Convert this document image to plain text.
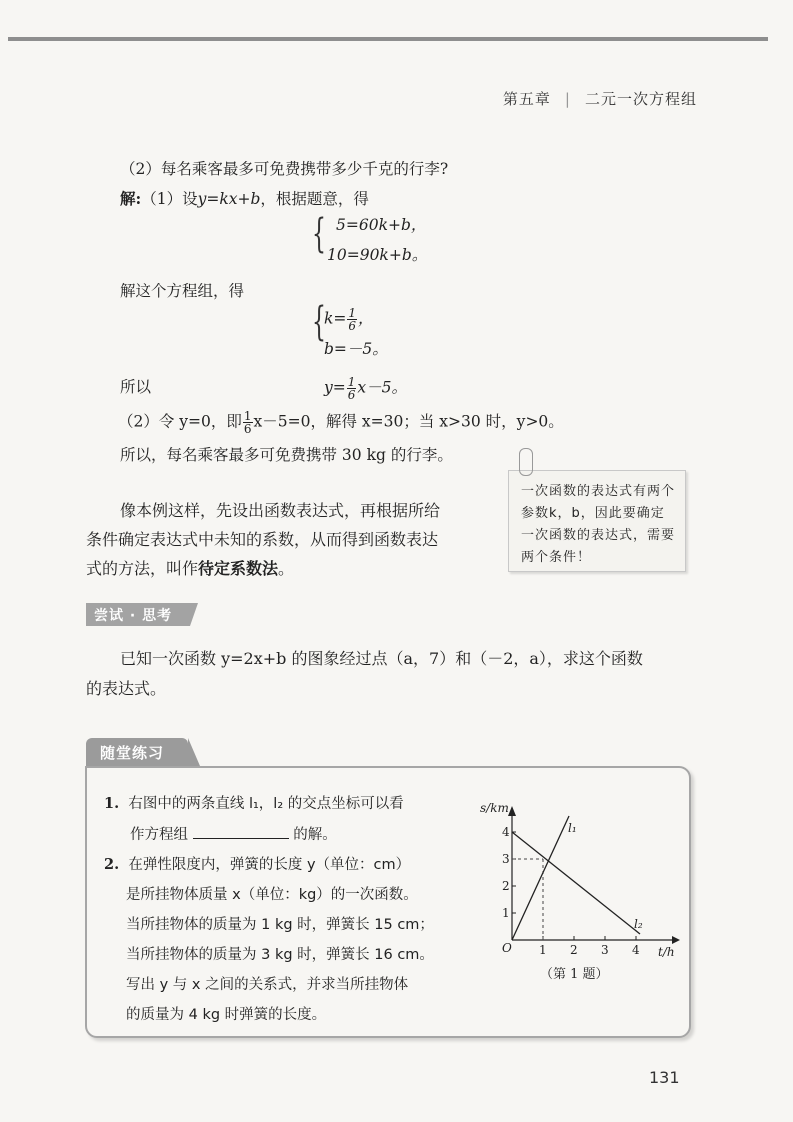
第五章 | 二元一次方程组
（2）每名乘客最多可免费携带多少千克的行李?
解:（1）设y=kx+b，根据题意，得
{ 5=60k+b，
10=90k+b。
解这个方程组，得
{
$k= \frac{1}{6}$ ，
b=－5。
所以	$y= \frac{1}{6} x-5$。
（2）令 y=0，即 $\frac{1}{6} x-5=0$，解得 x=30；当 x>30 时，y>0。
所以，每名乘客最多可免费携带 30 kg 的行李。
一次函数的表达式有两个参数k，b，因此要确定一次函数的表达式，需要两个条件！
像本例这样，先设出函数表达式，再根据所给
条件确定表达式中未知的系数，从而得到函数表达
式的方法，叫作待定系数法。
尝试 · 思考
已知一次函数 y=2x+b 的图象经过点（a，7）和（－2，a），求这个函数
的表达式。
随堂练习
1. 右图中的两条直线 l₁，l₂ 的交点坐标可以看
作方程组	的解。
2. 在弹性限度内，弹簧的长度 y（单位：cm）
是所挂物体质量 x（单位：kg）的一次函数。
当所挂物体的质量为 1 kg 时，弹簧长 15 cm；
当所挂物体的质量为 3 kg 时，弹簧长 16 cm。
写出 y 与 x 之间的关系式，并求当所挂物体
的质量为 4 kg 时弹簧的长度。
s/km
t/h
O
1
2
3
4
1 2 3 4
l₁
l₂
（第 1 题）
131
